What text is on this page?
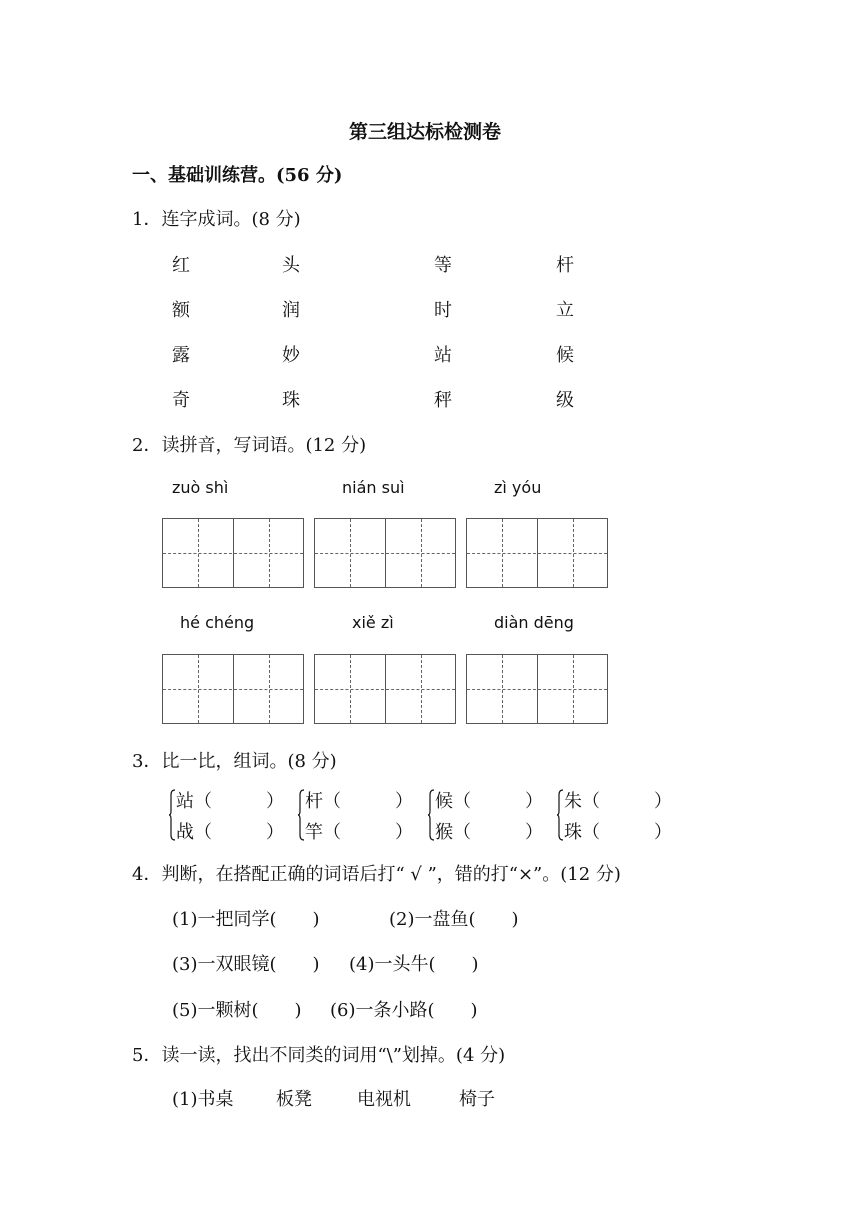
第三组达标检测卷
一、基础训练营。(56 分)
1．连字成词。(8 分)
红	头	等	杆
额	润	时	立
露	妙	站	候
奇	珠	秤	级
2．读拼音，写词语。(12 分)
zuò shì	nián suì	zì yóu
hé chéng	xiě zì	diàn dēng
3．比一比，组词。(8 分)
站（　　　）
战（　　　）
杆（　　　）
竿（　　　）
候（　　　）
猴（　　　）
朱（　　　）
珠（　　　）
4．判断，在搭配正确的词语后打“ √ ”，错的打“×”。(12 分)
(1)一把同学(　　)	(2)一盘鱼(　　)
(3)一双眼镜(　　) (4)一头牛(　　)
(5)一颗树(　　) (6)一条小路(　　)
5．读一读，找出不同类的词用“\”划掉。(4 分)
(1)书桌 板凳	电视机	椅子
